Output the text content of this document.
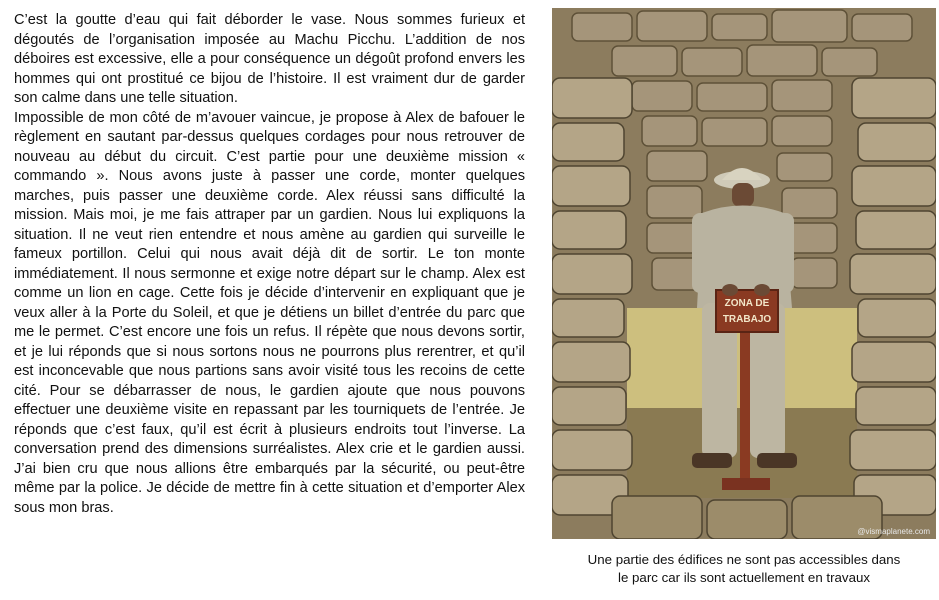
C’est la goutte d’eau qui fait déborder le vase. Nous sommes furieux et dégoutés de l’organisation imposée au Machu Picchu. L’addition de nos déboires est excessive, elle a pour conséquence un dégoût profond envers les hommes qui ont prostitué ce bijou de l’histoire. Il est vraiment dur de garder son calme dans une telle situation.

Impossible de mon côté de m’avouer vaincue, je propose à Alex de bafouer le règlement en sautant par-dessus quelques cordages pour nous retrouver de nouveau au début du circuit. C’est partie pour une deuxième mission « commando ». Nous avons juste à passer une corde, monter quelques marches, puis passer une deuxième corde. Alex réussi sans difficulté la mission. Mais moi, je me fais attraper par un gardien. Nous lui expliquons la situation. Il ne veut rien entendre et nous amène au gardien qui surveille le fameux portillon. Celui qui nous avait déjà dit de sortir. Le ton monte immédiatement. Il nous sermonne et exige notre départ sur le champ. Alex est comme un lion en cage. Cette fois je décide d’intervenir en expliquant que je veux aller à la Porte du Soleil, et que je détiens un billet d’entrée du parc que me le permet. C’est encore une fois un refus. Il répète que nous devons sortir, et je lui réponds que si nous sortons nous ne pourrons plus rerentrer, et qu’il est inconcevable que nous partions sans avoir visité tous les recoins de cette cité. Pour se débarrasser de nous, le gardien ajoute que nous pouvons effectuer une deuxième visite en repassant par les tourniquets de l’entrée. Je réponds que c’est faux, qu’il est écrit à plusieurs endroits tout l’inverse. La conversation prend des dimensions surréalistes. Alex crie et le gardien aussi. J’ai bien cru que nous allions être embarqués par la sécurité, ou peut-être même par la police. Je décide de mettre fin à cette situation et d’emporter Alex sous mon bras.

ZONA DE
TRABAJO
@vismaplanete.com
Une partie des édifices ne sont pas accessibles dans
le parc car ils sont actuellement en travaux
